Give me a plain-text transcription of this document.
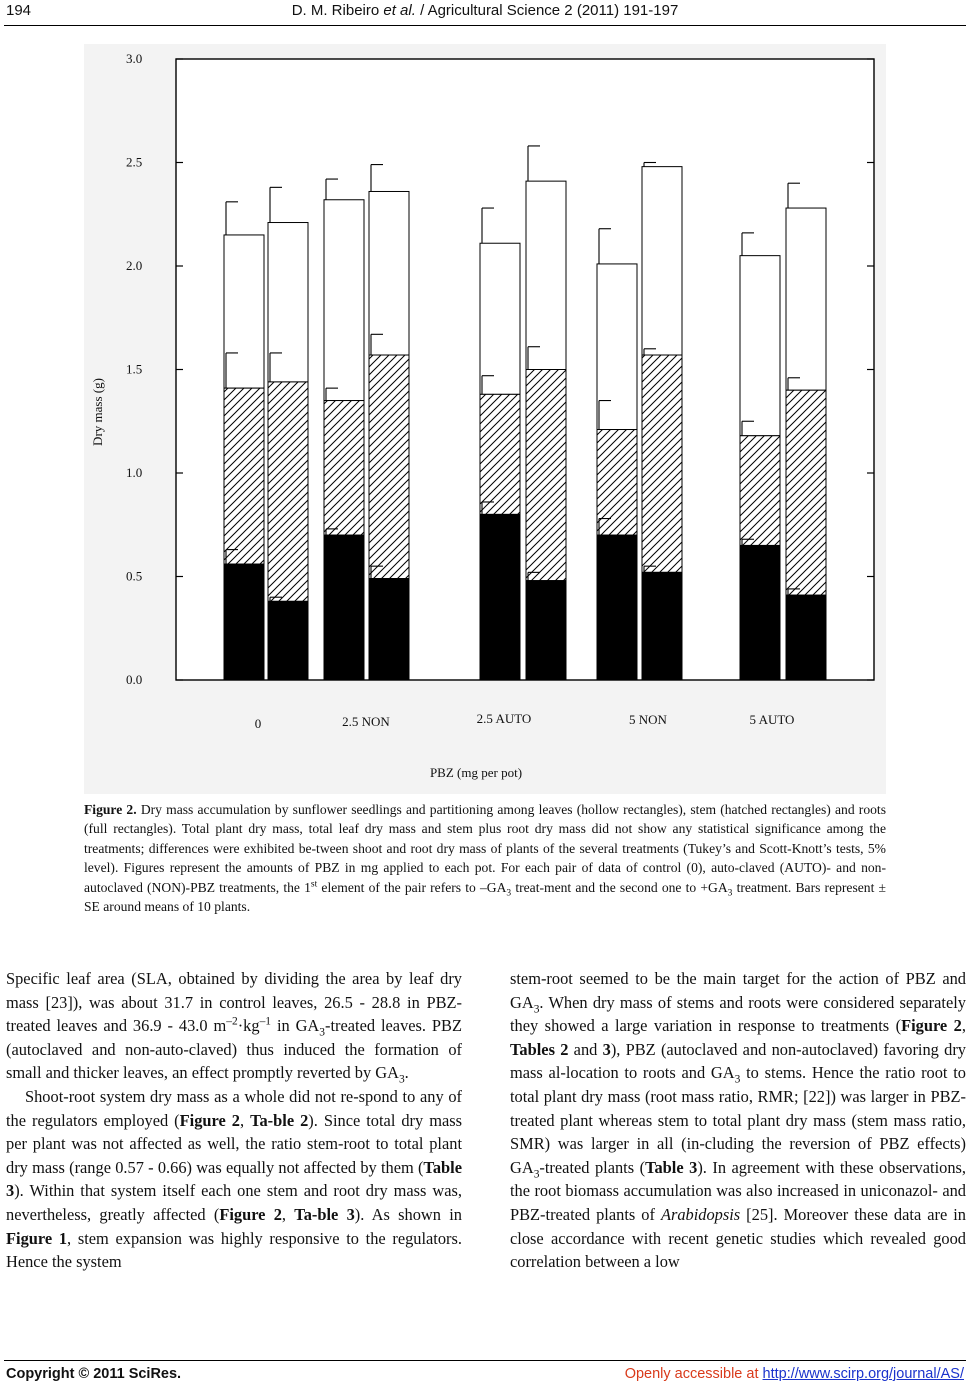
194	D. M. Ribeiro et al. / Agricultural Science 2 (2011) 191-197
0.0
0.5
1.0
1.5
2.0
2.5
3.0
0	2.5 NON	2.5 AUTO	5 NON	5 AUTO
PBZ (mg per pot)
Dry mass (g)
Figure 2. Dry mass accumulation by sunflower seedlings and partitioning among leaves (hollow rectangles), stem (hatched rectangles) and roots (full rectangles). Total plant dry mass, total leaf dry mass and stem plus root dry mass did not show any statistical significance among the treatments; differences were exhibited be-tween shoot and root dry mass of plants of the several treatments (Tukey’s and Scott-Knott’s tests, 5% level). Figures represent the amounts of PBZ in mg applied to each pot. For each pair of data of control (0), auto-claved (AUTO)- and non-autoclaved (NON)-PBZ treatments, the 1st element of the pair refers to $-GA_3$ treat-ment and the second one to $+GA_3$ treatment. Bars represent ± SE around means of 10 plants.

Specific leaf area (SLA, obtained by dividing the area by leaf dry mass [23]), was about 31.7 in control leaves, 26.5 - 28.8 in PBZ-treated leaves and 36.9 - 43.0 $m^{-2}\cdot kg^{-1}$ in $GA_3$-treated leaves. PBZ (autoclaved and non-auto-claved) thus induced the formation of small and thicker leaves, an effect promptly reverted by $GA_3$.

Shoot-root system dry mass as a whole did not re-spond to any of the regulators employed (Figure 2, Ta-ble 2). Since total dry mass per plant was not affected as well, the ratio stem-root to total plant dry mass (range 0.57 - 0.66) was equally not affected by them (Table 3). Within that system itself each one stem and root dry mass was, nevertheless, greatly affected (Figure 2, Ta-ble 3). As shown in Figure 1, stem expansion was highly responsive to the regulators. Hence the system

stem-root seemed to be the main target for the action of PBZ and $GA_3$. When dry mass of stems and roots were considered separately they showed a large variation in response to treatments (Figure 2, Tables 2 and 3), PBZ (autoclaved and non-autoclaved) favoring dry mass al-location to roots and $GA_3$ to stems. Hence the ratio root to total plant dry mass (root mass ratio, RMR; [22]) was larger in PBZ-treated plant whereas stem to total plant dry mass (stem mass ratio, SMR) was larger in all (in-cluding the reversion of PBZ effects) $GA_3$-treated plants (Table 3). In agreement with these observations, the root biomass accumulation was also increased in uniconazol- and PBZ-treated plants of Arabidopsis [25]. Moreover these data are in close accordance with recent genetic studies which revealed good correlation between a low

Copyright © 2011 SciRes.	Openly accessible at http://www.scirp.org/journal/AS/
